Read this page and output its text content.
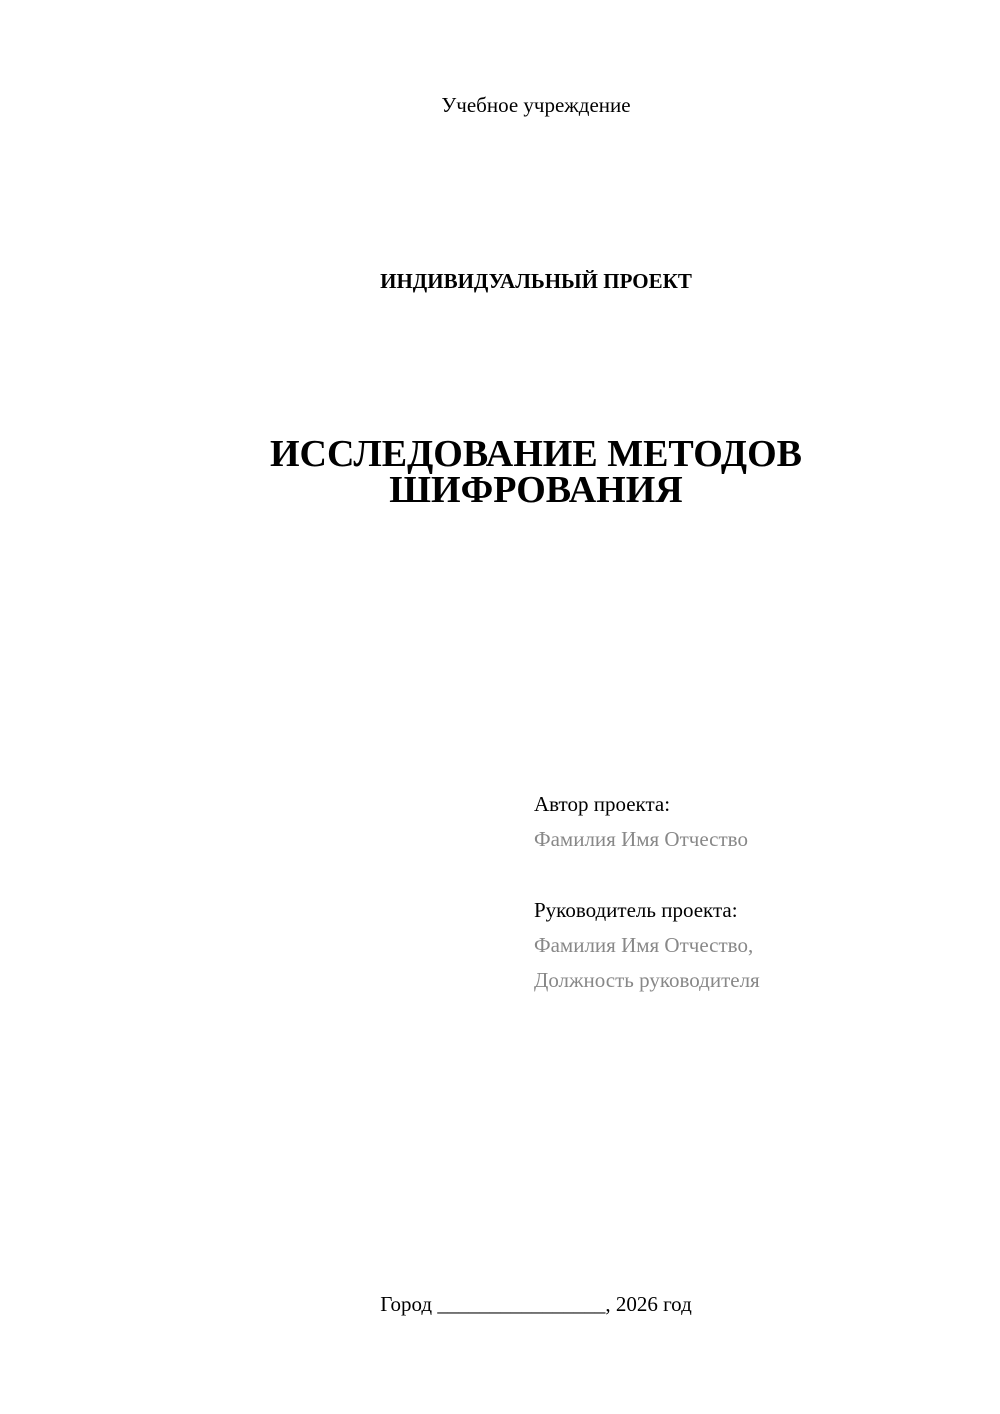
Учебное учреждение
ИНДИВИДУАЛЬНЫЙ ПРОЕКТ
ИССЛЕДОВАНИЕ МЕТОДОВ
ШИФРОВАНИЯ
Автор проекта:
Фамилия Имя Отчество
Руководитель проекта:
Фамилия Имя Отчество,
Должность руководителя
Город ________________, 2026 год
